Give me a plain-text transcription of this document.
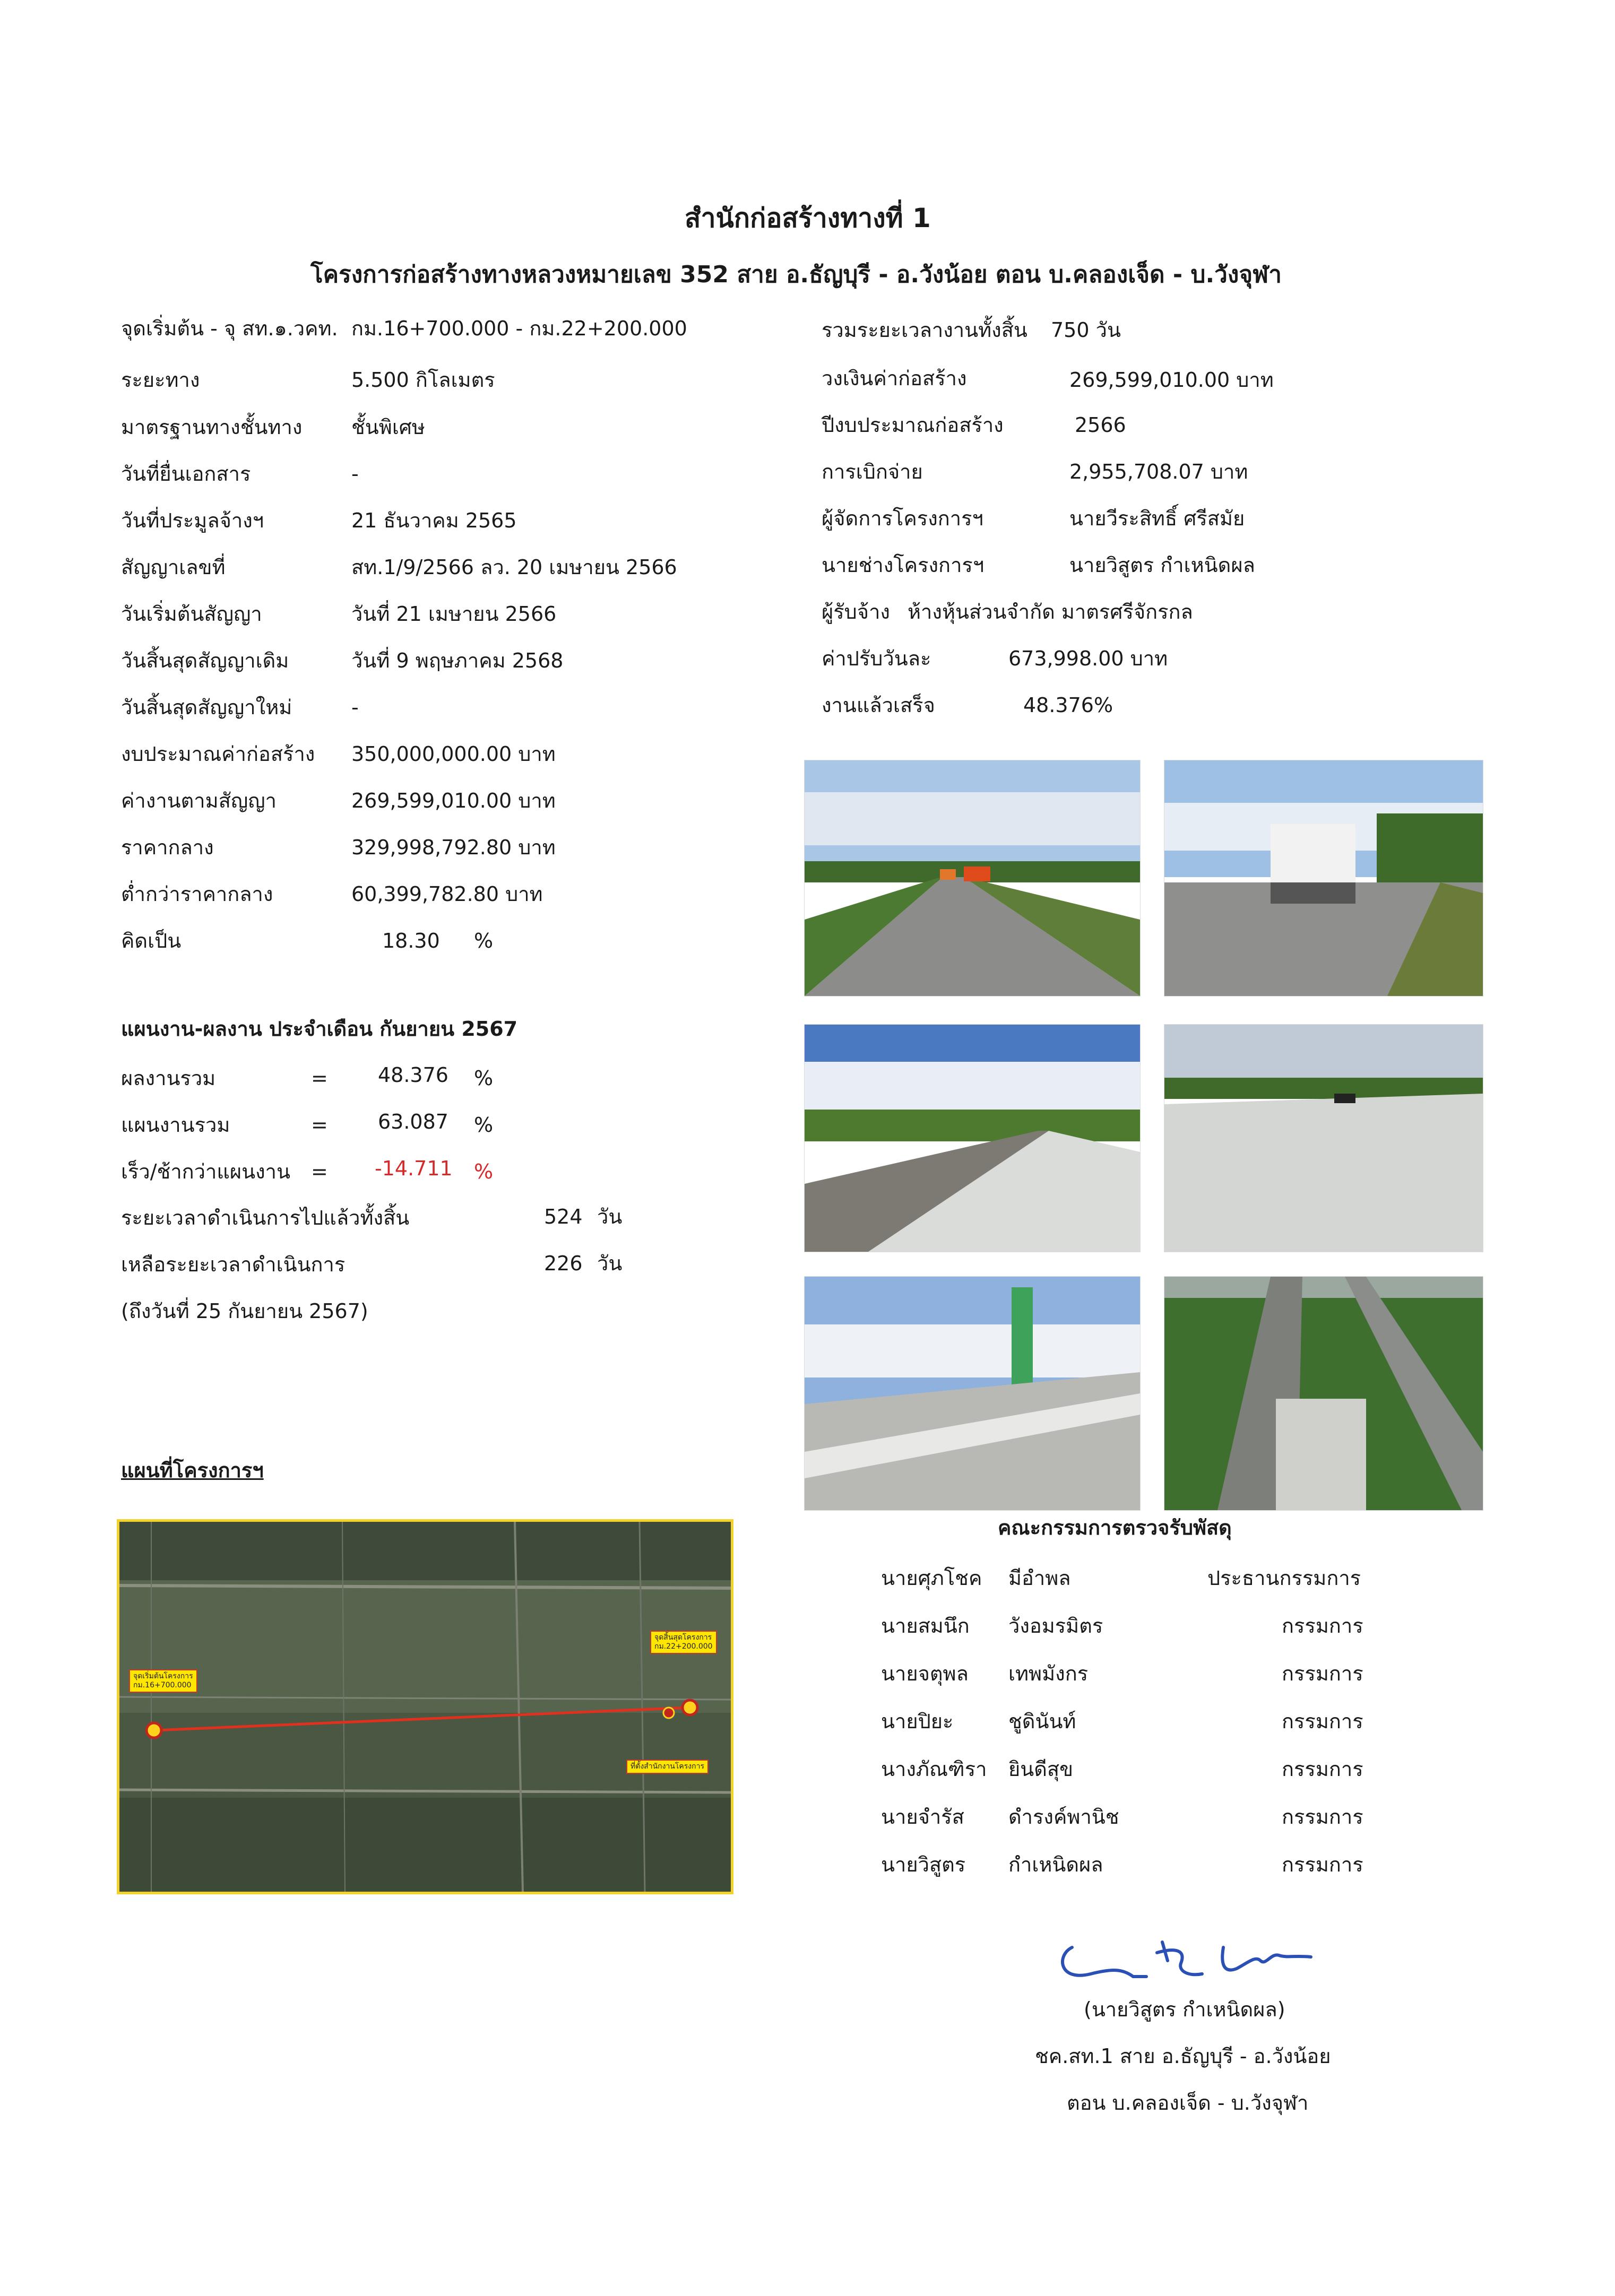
สำนักก่อสร้างทางที่ 1
โครงการก่อสร้างทางหลวงหมายเลข 352 สาย อ.ธัญบุรี - อ.วังน้อย ตอน บ.คลองเจ็ด - บ.วังจุฬา
จุดเริ่มต้น - จุ สท.๑.วคท. กม.16+700.000 - กม.22+200.000
ระยะทาง	5.500 กิโลเมตร
มาตรฐานทางชั้นทาง ชั้นพิเศษ
วันที่ยื่นเอกสาร	-
วันที่ประมูลจ้างฯ	21 ธันวาคม 2565
สัญญาเลขที่	สท.1/9/2566 ลว. 20 เมษายน 2566
วันเริ่มต้นสัญญา	วันที่ 21 เมษายน 2566
วันสิ้นสุดสัญญาเดิม	วันที่ 9 พฤษภาคม 2568
วันสิ้นสุดสัญญาใหม่	-
งบประมาณค่าก่อสร้าง 350,000,000.00 บาท
ค่างานตามสัญญา	269,599,010.00 บาท
ราคากลาง	329,998,792.80 บาท
ต่ำกว่าราคากลาง	60,399,782.80 บาท
คิดเป็น	18.30 %
รวมระยะเวลางานทั้งสิ้น 750 วัน
วงเงินค่าก่อสร้าง	269,599,010.00 บาท
ปีงบประมาณก่อสร้าง	2566
การเบิกจ่าย	2,955,708.07 บาท
ผู้จัดการโครงการฯ	นายวีระสิทธิ์ ศรีสมัย
นายช่างโครงการฯ	นายวิสูตร กำเหนิดผล
ผู้รับจ้าง ห้างหุ้นส่วนจำกัด มาตรศรีจักรกล
ค่าปรับวันละ	673,998.00 บาท
งานแล้วเสร็จ	48.376%
แผนงาน-ผลงาน ประจำเดือน กันยายน 2567
ผลงานรวม	= 48.376 %
แผนงานรวม	= 63.087 %
เร็ว/ช้ากว่าแผนงาน = -14.711 %
ระยะเวลาดำเนินการไปแล้วทั้งสิ้น	524 วัน
เหลือระยะเวลาดำเนินการ	226 วัน
(ถึงวันที่ 25 กันยายน 2567)
แผนที่โครงการฯ
จุดเริ่มต้นโครงการ
กม.16+700.000
จุดสิ้นสุดโครงการ
กม.22+200.000
ที่ตั้งสำนักงานโครงการ
คณะกรรมการตรวจรับพัสดุ
นายศุภโชค มีอำพล	ประธานกรรมการ
นายสมนึก วังอมรมิตร	กรรมการ
นายจตุพล เทพมังกร	กรรมการ
นายปิยะ	ชูดินันท์	กรรมการ
นางภัณฑิรา ยินดีสุข	กรรมการ
นายจำรัส ดำรงค์พานิช	กรรมการ
นายวิสูตร กำเหนิดผล	กรรมการ
(นายวิสูตร กำเหนิดผล)
ชค.สท.1 สาย อ.ธัญบุรี - อ.วังน้อย
ตอน บ.คลองเจ็ด - บ.วังจุฬา
